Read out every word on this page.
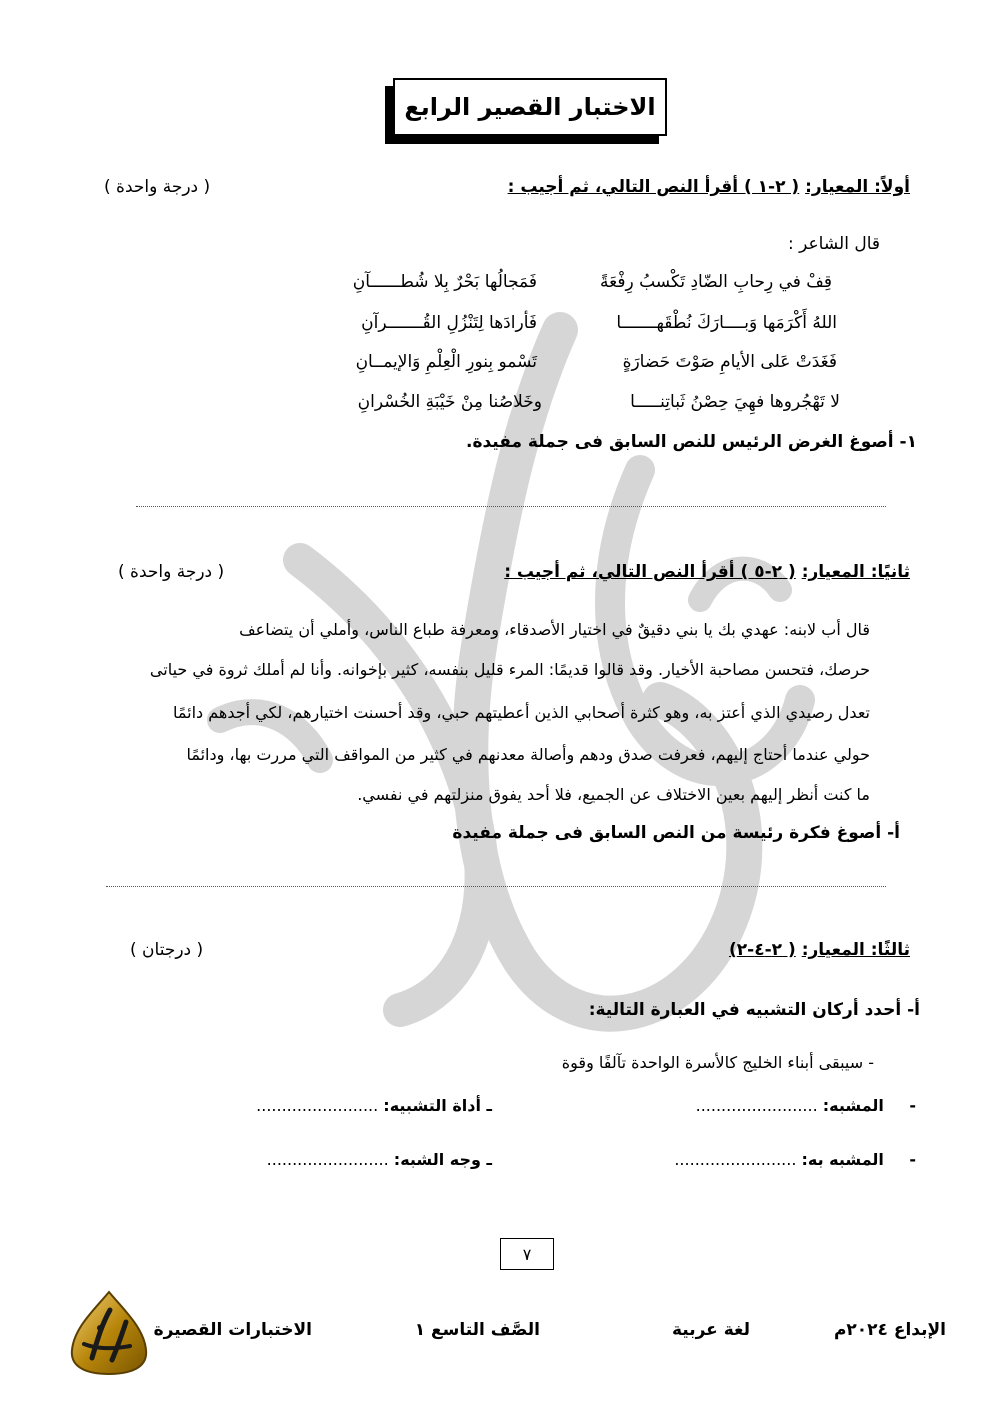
الاختبار القصير الرابع
أولاً: المعيار: ( ٢-١ ) أقرأ النص التالي، ثم أجيب :
( درجة واحدة )
قال الشاعر :
قِفْ في رِحابِ الضّادِ تَكْسبُ رِفْعَةً
فَمَجالُها بَحْرٌ بِلا شُطــــــآنِ
اللهُ أَكْرَمَها وَبــــارَكَ نُطْقَهـــــــا
فَأرادَها لِتَنْزُلِ القُـــــــرآنِ
فَغَدَتْ عَلى الأيامِ صَوْتَ حَضارَةٍ
تَسْمو بِنورِ الْعِلْمِ وَالإيمــانِ
لا تَهْجُروها فهِيَ حِصْنُ ثَباتِنـــــا
وخَلاصُنا مِنْ خَيْبَةِ الخُسْرانِ
١- أصوغ الغرض الرئيس للنص السابق فى جملة مفيدة.
ثانيًا: المعيار: ( ٢-٥ ) أقرأ النص التالي، ثم أجيب :
( درجة واحدة )
قال أب لابنه: عهدي بك يا بني دقيقٌ في اختيار الأصدقاء، ومعرفة طباع الناس، وأملي أن يتضاعف
حرصك، فتحسن مصاحبة الأخيار. وقد قالوا قديمًا: المرء قليل بنفسه، كثير بإخوانه. وأنا لم أملك ثروة في حياتى
تعدل رصيدي الذي أعتز به، وهو كثرة أصحابي الذين أعطيتهم حبي، وقد أحسنت اختيارهم، لكي أجدهم دائمًا
حولي عندما أحتاج إليهم، فعرفت صدق ودهم وأصالة معدنهم في كثير من المواقف التي مررت بها، ودائمًا
ما كنت أنظر إليهم بعين الاختلاف عن الجميع، فلا أحد يفوق منزلتهم في نفسي.
أ- أصوغ فكرة رئيسة من النص السابق فى جملة مفيدة
ثالثًا: المعيار: ( ٢-٤-٢)
( درجتان )
أ- أحدد أركان التشبيه في العبارة التالية:
- سيبقى أبناء الخليج كالأسرة الواحدة تآلفًا وقوة
-     المشبه: ........................
ـ أداة التشبيه: ........................
-     المشبه به: ........................
ـ وجه الشبه: ........................
٧
الإبداع ٢٠٢٤م
لغة عربية
الصَّف التاسع ١
الاختبارات القصيرة
